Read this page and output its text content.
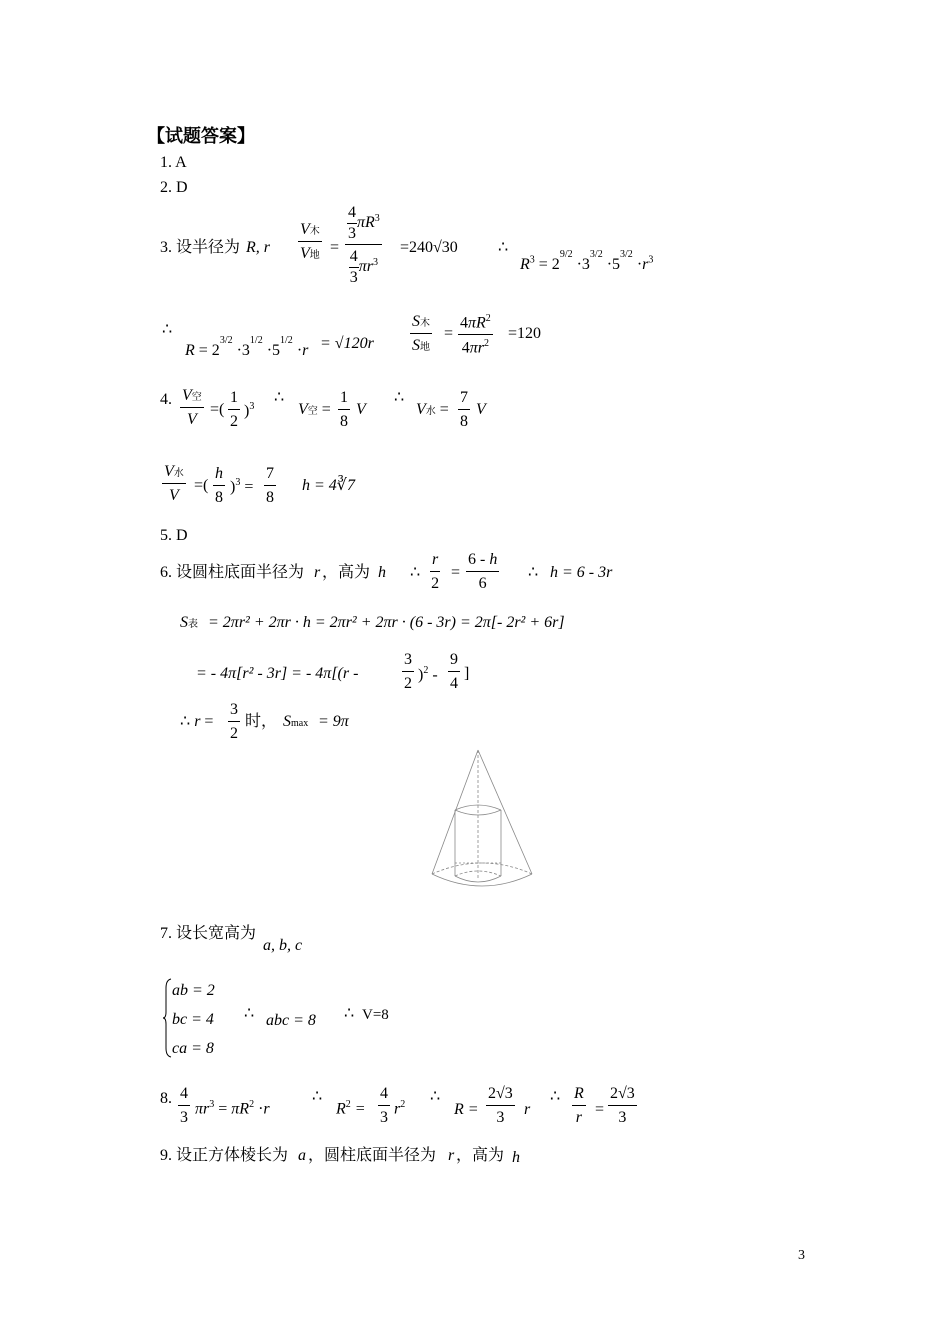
【试题答案】
1. A
2. D
3. 设半径为 R, r
V木
V地 = $\frac{\frac{4}{3} \pi R^3}{\frac{4}{3} \pi r^3} =240√30$	∴
$R^3 = 2^{9/2} \cdot 3^{3/2} \cdot 5^{3/2} \cdot r^3$
∴
$R = 2^{3/2} \cdot 3^{1/2} \cdot 5^{1/2} \cdot r = √120r$
S木
S地
= $\frac{4\pi R^2}{4\pi r^2} =120$
4. V空
V
=( $\frac{1}{2} )^3$
∴
V空 = $\frac{1}{8}$ V
∴
V水 = $\frac{7}{8}$ V
V水
V
=( $\frac{h}{8} )^3 = \frac{7}{8}$ h = 4∛7
5. D
6. 设圆柱底面半径为 r ，高为 h ∴ $\frac{r}{2} = \frac{6 - h}{6}$ ∴ h = 6 - 3r
S表 = 2πr² + 2πr · h = 2πr² + 2πr · (6 - 3r) = 2π[- 2r² + 6r]
= - 4π[r² - 3r] = - 4π[(r -	$\frac{3}{2} )^2 - \frac{9}{4}$ ]
∴ $r = \frac{3}{2}$ 时， Smax = 9π
7. 设长宽高为
a, b, c
ab = 2
bc = 4
ca = 8
∴ abc = 8 ∴ V=8
8. $\frac{4}{3} \pi r^3 = \pi R^2 \cdot r$
∴
$R^2 = \frac{4}{3} r^2$ ∴
$R = \frac{2√3}{3}$ r
∴ $\frac{R}{r} = \frac{2√3}{3}$
9. 设正方体棱长为 a ，圆柱底面半径为 r ，高为 h
3
